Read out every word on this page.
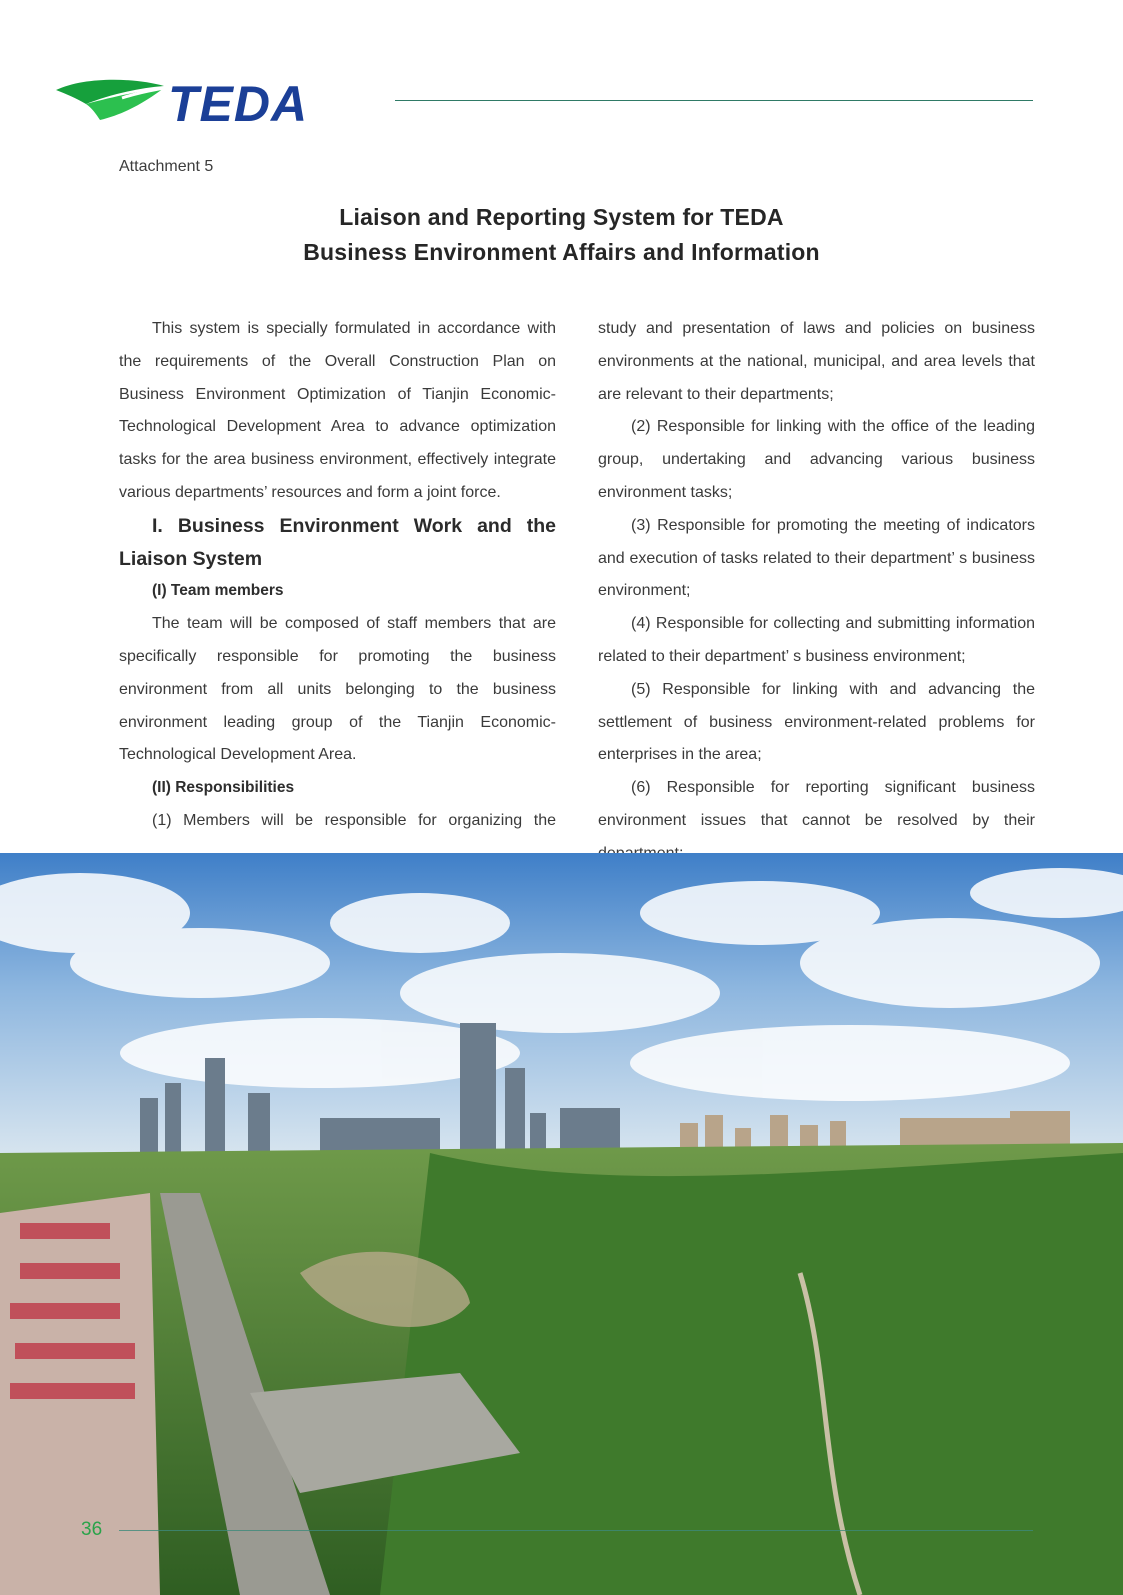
TEDA
Attachment 5
Liaison and Reporting System for TEDA
Business Environment Affairs and Information

This system is specially formulated in accordance with the requirements of the Overall Construction Plan on Business Environment Optimization of Tianjin Economic-Technological Development Area to advance optimization tasks for the area business environment, effectively integrate various departments’ resources and form a joint force.

I. Business Environment Work and the Liaison System

(I) Team members

The team will be composed of staff members that are specifically responsible for promoting the business environment from all units belonging to the business environment leading group of the Tianjin Economic-Technological Development Area.

(II) Responsibilities

(1) Members will be responsible for organizing the

study and presentation of laws and policies on business environments at the national, municipal, and area levels that are relevant to their departments;

(2) Responsible for linking with the office of the leading group, undertaking and advancing various business environment tasks;

(3) Responsible for promoting the meeting of indicators and execution of tasks related to their department’ s business environment;

(4) Responsible for collecting and submitting information related to their department’ s business environment;

(5) Responsible for linking with and advancing the settlement of business environment-related problems for enterprises in the area;

(6) Responsible for reporting significant business environment issues that cannot be resolved by their

36
